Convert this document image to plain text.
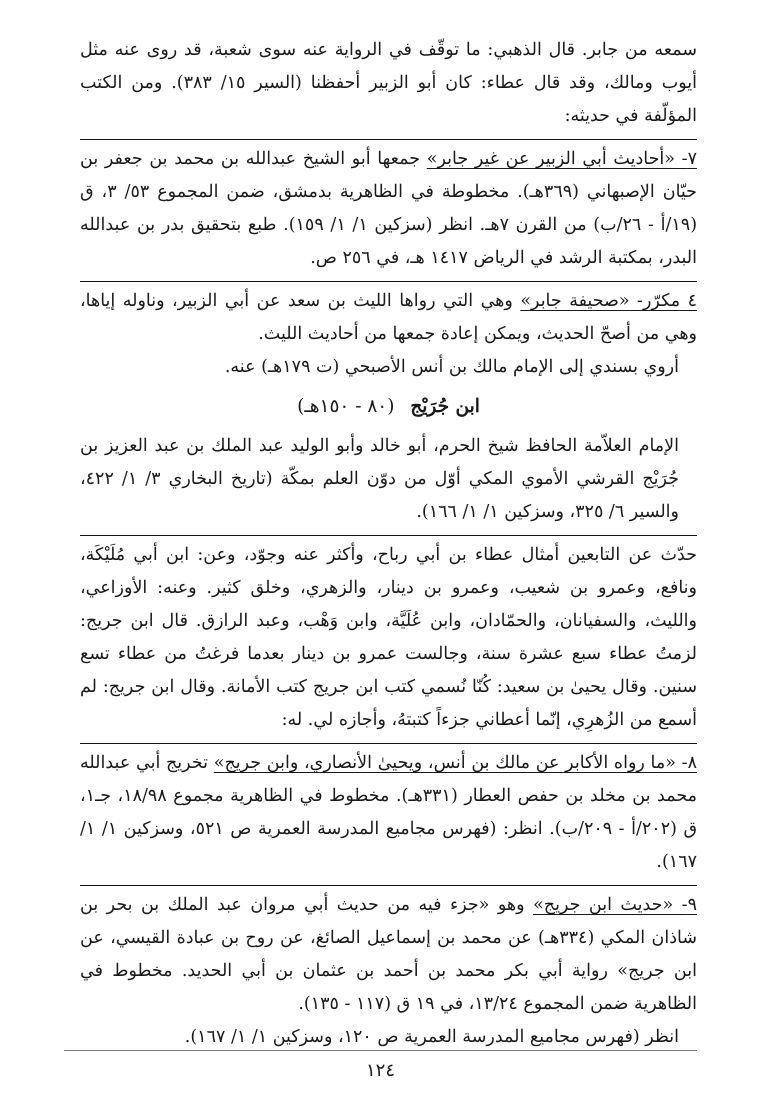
سمعه من جابر. قال الذهبي: ما توقّف في الرواية عنه سوى شعبة، قد روى عنه مثل أيوب ومالك، وقد قال عطاء: كان أبو الزبير أحفظنا (السير ١٥/ ٣٨٣). ومن الكتب المؤلّفة في حديثه:

٧- «أحاديث أبي الزبير عن غير جابر» جمعها أبو الشيخ عبدالله بن محمد بن جعفر بن حيّان الإصبهاني (٣٦٩هـ). مخطوطة في الظاهرية بدمشق، ضمن المجموع ٥٣/ ٣، ق (١٩/أ - ٢٦/ب) من القرن ٧هـ. انظر (سزكين ١/ ١/ ١٥٩). طبع بتحقيق بدر بن عبدالله البدر، بمكتبة الرشد في الرياض ١٤١٧ هـ، في ٢٥٦ ص.
٤ مكرّر- «صحيفة جابر» وهي التي رواها الليث بن سعد عن أبي الزبير، وناوله إياها، وهي من أصحّ الحديث، ويمكن إعادة جمعها من أحاديث الليث.

أروي بسندي إلى الإمام مالك بن أنس الأصبحي (ت ١٧٩هـ) عنه.

ابن جُرَيْج (٨٠ - ١٥٠هـ)

الإمام العلاّمة الحافظ شيخ الحرم، أبو خالد وأبو الوليد عبد الملك بن عبد العزيز بن جُرَيْج القرشي الأموي المكي أوّل من دوّن العلم بمكّة (تاريخ البخاري ٣/ ١/ ٤٢٢، والسير ٦/ ٣٢٥، وسزكين ١/ ١/ ١٦٦).

حدّث عن التابعين أمثال عطاء بن أبي رباح، وأكثر عنه وجوّد، وعن: ابن أبي مُلَيْكَة، ونافع، وعمرو بن شعيب، وعمرو بن دينار، والزهري، وخلق كثير. وعنه: الأوزاعي، والليث، والسفيانان، والحمّادان، وابن عُلَيَّة، وابن وَهْب، وعبد الرازق. قال ابن جريج: لزمتُ عطاء سبع عشرة سنة، وجالست عمرو بن دينار بعدما فرغتُ من عطاء تسع سنين. وقال يحيىٰ بن سعيد: كُنّا نُسمي كتب ابن جريج كتب الأمانة. وقال ابن جريج: لم أسمع من الزُهرِي، إنّما أعطاني جزءاً كتبتهُ، وأجازه لي. له:
٨- «ما رواه الأكابر عن مالك بن أنس، ويحيىٰ الأنصاري، وابن جريج» تخريج أبي عبدالله محمد بن مخلد بن حفص العطار (٣٣١هـ). مخطوط في الظاهرية مجموع ١٨/٩٨، جـ١، ق (٢٠٢/أ - ٢٠٩/ب). انظر: (فهرس مجاميع المدرسة العمرية ص ٥٢١، وسزكين ١/ ١/ ١٦٧).
٩- «حديث ابن جريج» وهو «جزء فيه من حديث أبي مروان عبد الملك بن بحر بن شاذان المكي (٣٣٤هـ) عن محمد بن إسماعيل الصائغ، عن روح بن عبادة القيسي، عن ابن جريج» رواية أبي بكر محمد بن أحمد بن عثمان بن أبي الحديد. مخطوط في الظاهرية ضمن المجموع ١٣/٢٤، في ١٩ ق (١١٧ - ١٣٥).

انظر (فهرس مجاميع المدرسة العمرية ص ١٢٠، وسزكين ١/ ١/ ١٦٧).

١٢٤
